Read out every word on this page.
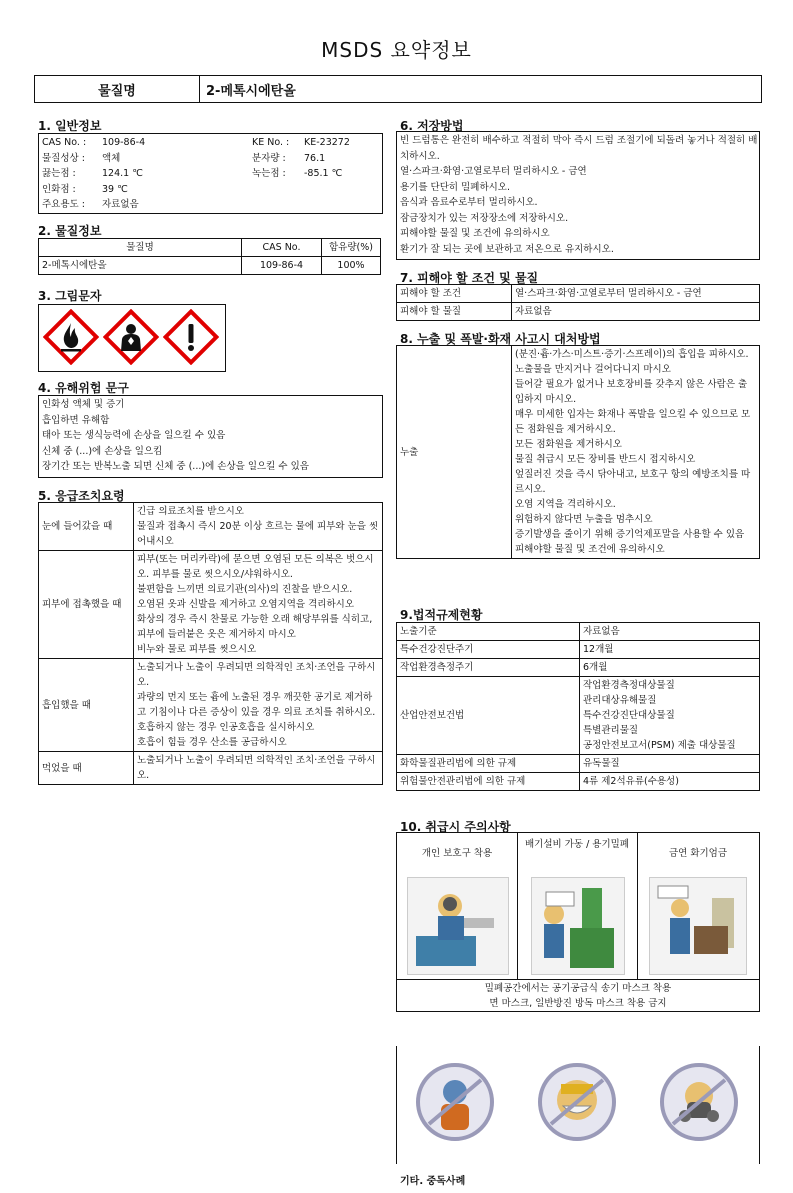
MSDS 요약정보
물질명	2-메톡시에탄올
1. 일반정보
CAS No. :	109-86-4	KE No. :	KE-23272
물질성상 :	액체	분자량 :	76.1
끓는점 :	124.1 ℃	녹는점 :	-85.1 ℃
인화점 :	39 ℃
주요용도 :	자료없음
2. 물질정보
물질명	CAS No.	함유량(%)
2-메톡시에탄올	109-86-4	100%
3. 그림문자
4. 유해위험 문구
인화성 액체 및 증기
흡입하면 유해함
태아 또는 생식능력에 손상을 일으킬 수 있음
신체 중 (...)에 손상을 일으킴
장기간 또는 반복노출 되면 신체 중 (...)에 손상을 일으킬 수 있음
5. 응급조치요령
눈에 들어갔을 때	긴급 의료조치를 받으시오
물질과 접촉시 즉시 20분 이상 흐르는 물에 피부와 눈을 씻어내시오

피부에 접촉했을 때	피부(또는 머리카락)에 묻으면 오염된 모든 의복은 벗으시오. 피부를 물로 씻으시오/샤워하시오.
불편함을 느끼면 의료기관(의사)의 진찰을 받으시오.
오염된 옷과 신발을 제거하고 오염지역을 격리하시오
화상의 경우 즉시 찬물로 가능한 오래 해당부위를 식히고, 피부에 들러붙은 옷은 제거하지 마시오
비누와 물로 피부를 씻으시오

흡입했을 때	노출되거나 노출이 우려되면 의학적인 조치·조언을 구하시오.
과량의 먼지 또는 흄에 노출된 경우 깨끗한 공기로 제거하고 기침이나 다른 증상이 있을 경우 의료 조치를 취하시오.
호흡하지 않는 경우 인공호흡을 실시하시오
호흡이 힘들 경우 산소를 공급하시오

먹었을 때	노출되거나 노출이 우려되면 의학적인 조치·조언을 구하시오.
6. 저장방법
빈 드럼통은 완전히 배수하고 적절히 막아 즉시 드럼 조절기에 되돌려 놓거나 적절히 배치하시오.
열·스파크·화염·고열로부터 멀리하시오 - 금연
용기를 단단히 밀폐하시오.
음식과 음료수로부터 멀리하시오.
잠금장치가 있는 저장장소에 저장하시오.
피해야할 물질 및 조건에 유의하시오
환기가 잘 되는 곳에 보관하고 저온으로 유지하시오.
7. 피해야 할 조건 및 물질
피해야 할 조건	열·스파크·화염·고열로부터 멀리하시오 - 금연
피해야 할 물질	자료없음
8. 누출 및 폭발·화재 사고시 대처방법
누출	
(분진·흄·가스·미스트·증기·스프레이)의 흡입을 피하시오.
노출물을 만지거나 걸어다니지 마시오
들어갈 필요가 없거나 보호장비를 갖추지 않은 사람은 출입하지 마시오.
매우 미세한 입자는 화재나 폭발을 일으킬 수 있으므로 모든 점화원을 제거하시오.
모든 점화원을 제거하시오
물질 취급시 모든 장비를 반드시 접지하시오
엎질러진 것을 즉시 닦아내고, 보호구 항의 예방조치를 따르시오.
오염 지역을 격리하시오.
위험하지 않다면 누출을 멈추시오
증기발생을 줄이기 위해 증기억제포말을 사용할 수 있음
피해야할 물질 및 조건에 유의하시오
9.법적규제현황
노출기준	자료없음
특수건강진단주기	12개월
작업환경측정주기	6개월
산업안전보건법	작업환경측정대상물질
관리대상유해물질
특수건강진단대상물질
특별관리물질
공정안전보고서(PSM) 제출 대상물질

화학물질관리법에 의한 규제	유독물질
위험물안전관리법에 의한 규제	4류 제2석유류(수용성)
10. 취급시 주의사항
개인 보호구 착용
배기설비 가동 / 용기밀폐
금연 화기엄금
밀폐공간에서는 공기공급식 송기 마스크 착용
면 마스크, 일반방진 방독 마스크 착용 금지
기타. 중독사례
